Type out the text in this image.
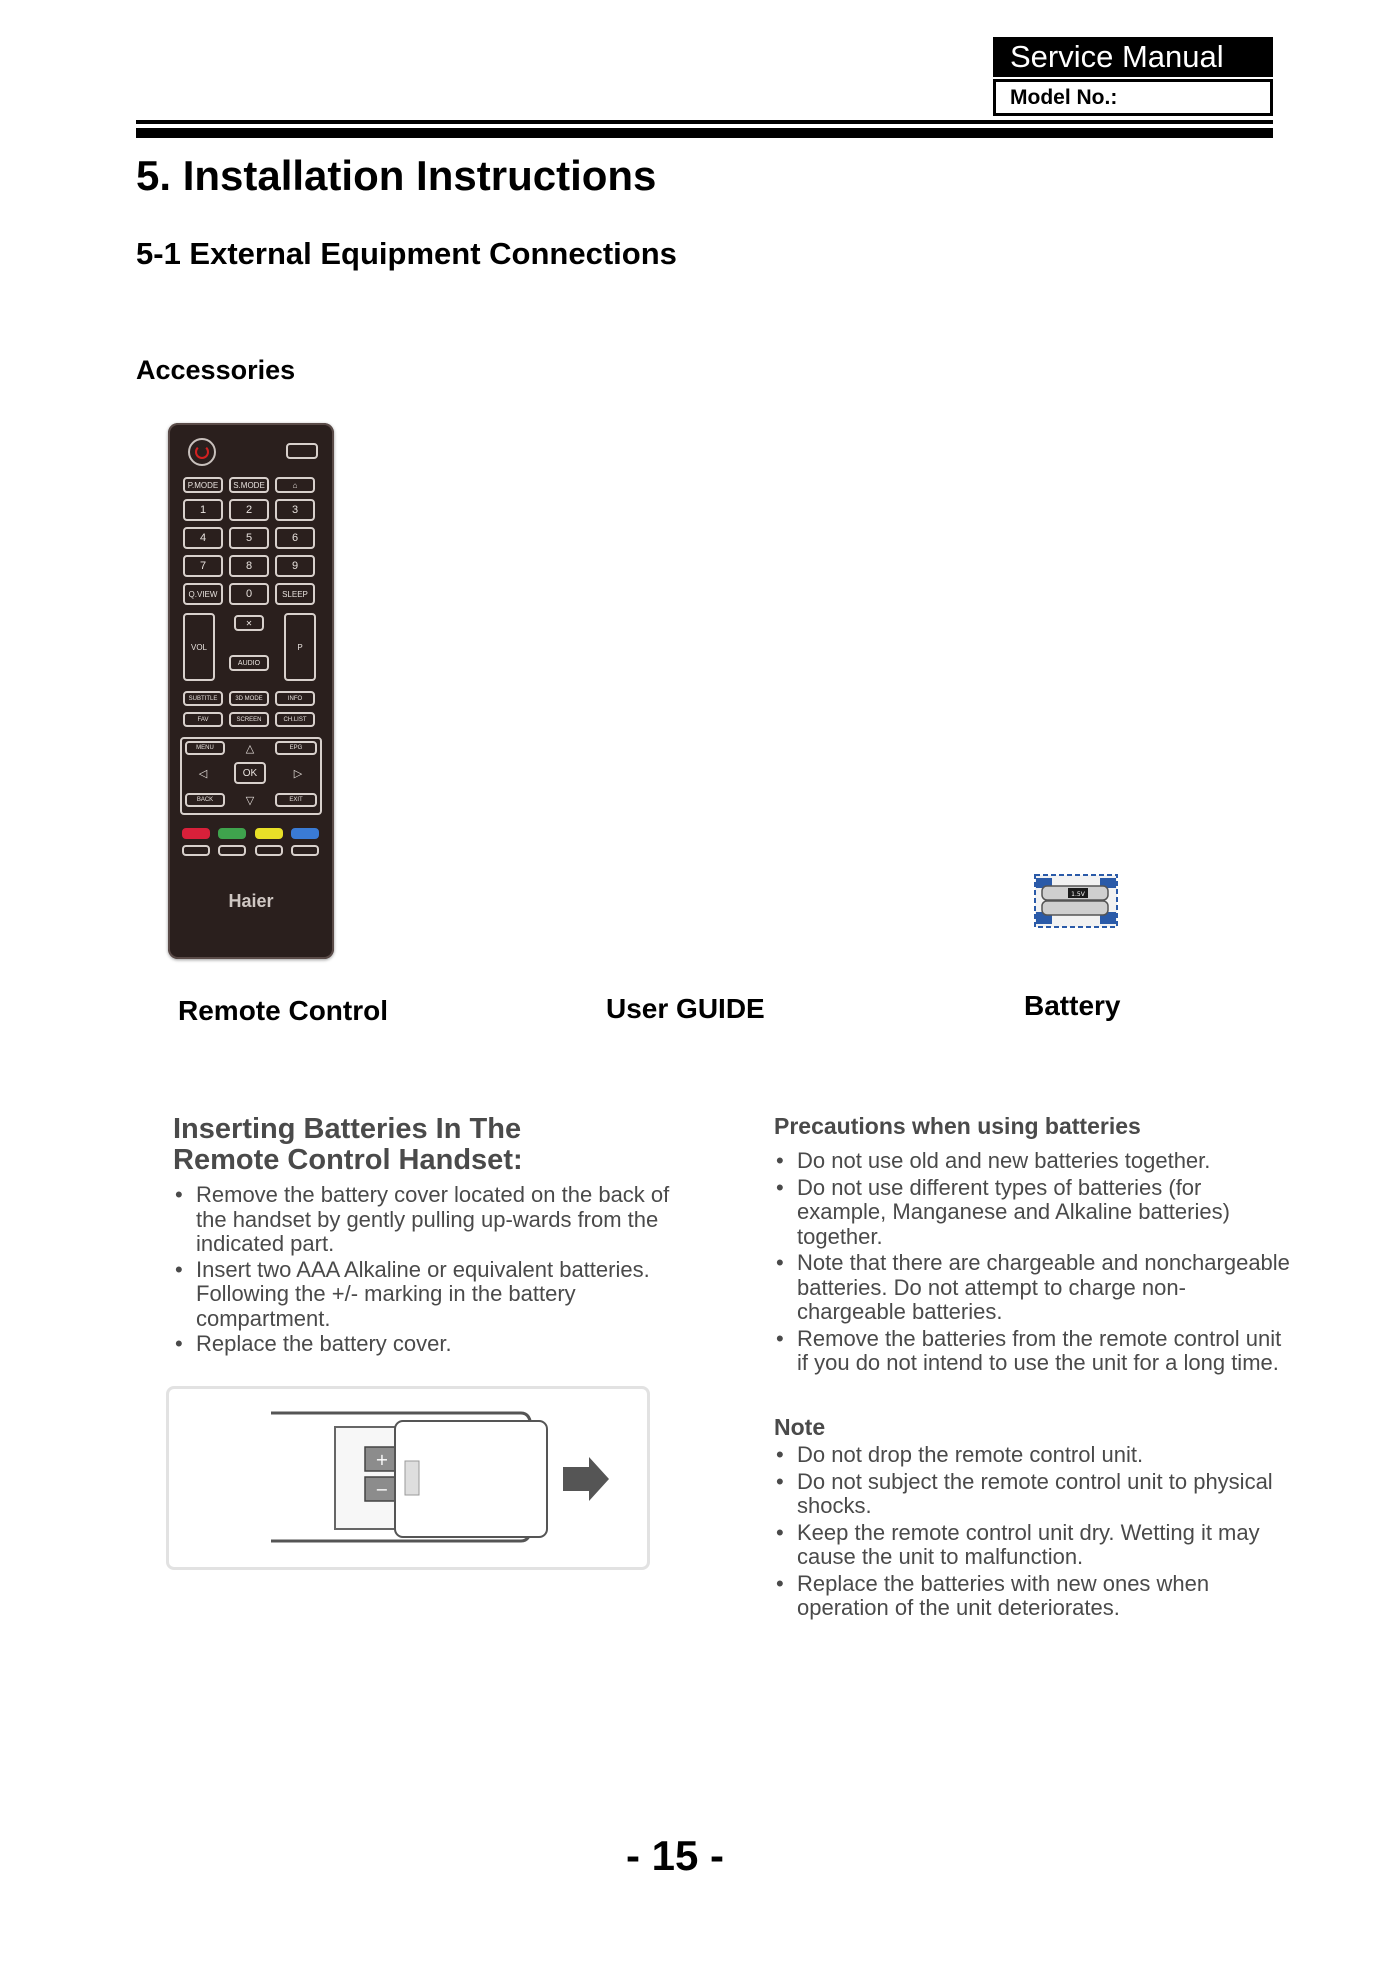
Service Manual
Model No.:
5. Installation Instructions
5-1 External Equipment Connections
Accessories
P.MODE	S.MODE	⌂
1	2	3
4	5	6
7	8	9
Q.VIEW	0	SLEEP
VOL
✕
AUDIO
P
SUBTITLE	3D MODE	INFO
FAV	SCREEN	CH.LIST
MENU	△	EPG
◁	OK	▷
BACK	▽	EXIT
Haier	1.5V
Remote Control	User GUIDE	Battery
Inserting Batteries In The
Remote Control Handset:
• Remove the battery cover located on the back of the handset by gently pulling up-wards from the indicated part.
• Insert two AAA Alkaline or equivalent batteries. Following the +/- marking in the battery compartment.
• Replace the battery cover.
+
−
Precautions when using batteries
• Do not use old and new batteries together.
• Do not use different types of batteries (for example, Manganese and Alkaline batteries) together.
• Note that there are chargeable and nonchargeable batteries. Do not attempt to charge non-chargeable batteries.
• Remove the batteries from the remote control unit if you do not intend to use the unit for a long time.
Note
• Do not drop the remote control unit.
• Do not subject the remote control unit to physical shocks.
• Keep the remote control unit dry. Wetting it may cause the unit to malfunction.
• Replace the batteries with new ones when operation of the unit deteriorates.
- 15 -
